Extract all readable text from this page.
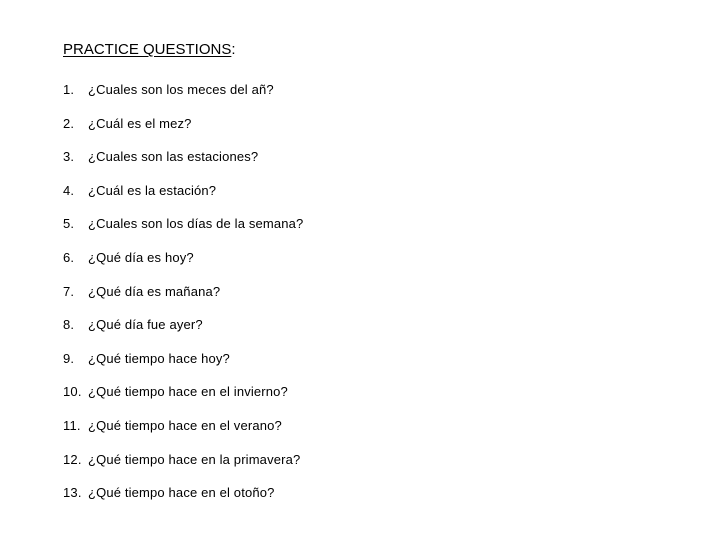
PRACTICE QUESTIONS:
1.	¿Cuales son los meces del añ?
2.	¿Cuál es el mez?
3.	¿Cuales son las estaciones?
4.	¿Cuál es la estación?
5.	¿Cuales son los días de la semana?
6.	¿Qué día es hoy?
7.	¿Qué día es mañana?
8.	¿Qué día fue ayer?
9.	¿Qué tiempo hace hoy?
10. ¿Qué tiempo hace en el invierno?
11. ¿Qué tiempo hace en el verano?
12. ¿Qué tiempo hace en la primavera?
13. ¿Qué tiempo hace en el otoño?
